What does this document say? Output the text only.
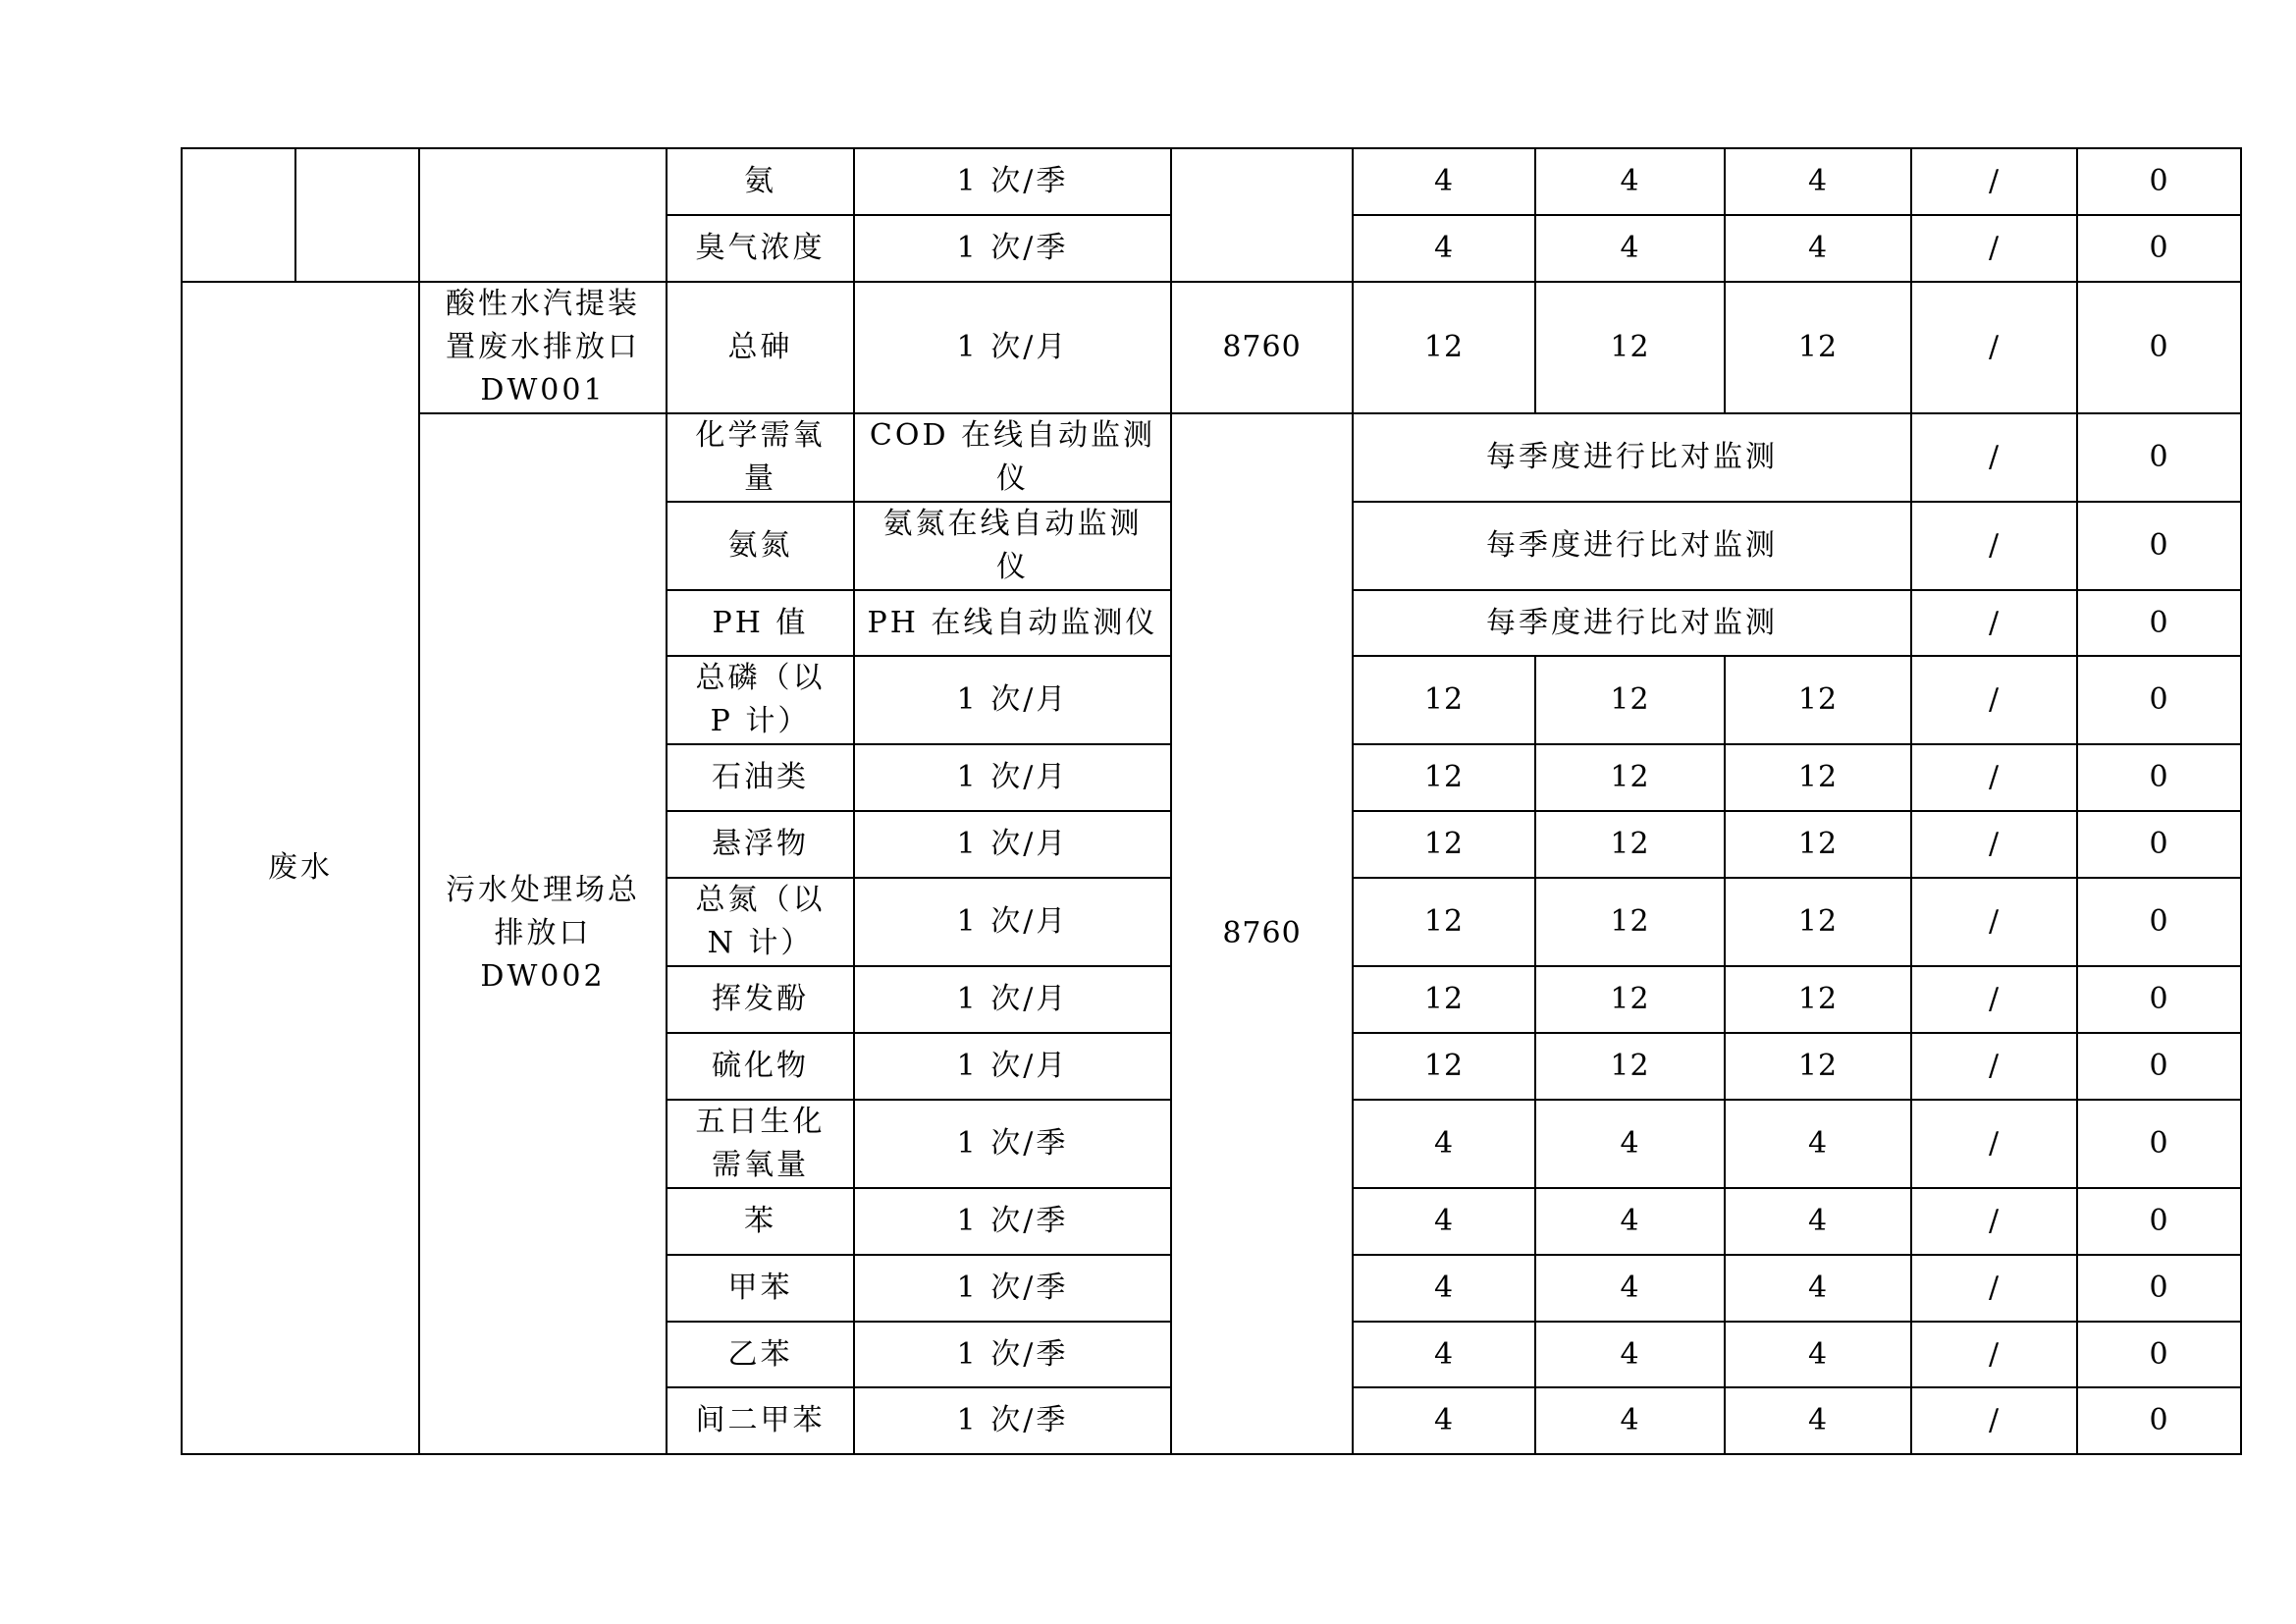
			氨	1 次/季		4	4	4	/	0
			臭气浓度	1 次/季		4	4	4	/	0
废水		酸性水汽提装置废水排放口DW001	总砷	1 次/月	8760	12	12	12	/	0
		污水处理场总排放口DW002	化学需氧量	COD 在线自动监测仪	8760	每季度进行比对监测			/	0
			氨氮	氨氮在线自动监测仪		每季度进行比对监测			/	0
			PH 值	PH 在线自动监测仪		每季度进行比对监测			/	0
			总磷（以 P 计）	1 次/月		12	12	12	/	0
			石油类	1 次/月		12	12	12	/	0
			悬浮物	1 次/月		12	12	12	/	0
			总氮（以 N 计）	1 次/月		12	12	12	/	0
			挥发酚	1 次/月		12	12	12	/	0
			硫化物	1 次/月		12	12	12	/	0
			五日生化需氧量	1 次/季		4	4	4	/	0
			苯	1 次/季		4	4	4	/	0
			甲苯	1 次/季		4	4	4	/	0
			乙苯	1 次/季		4	4	4	/	0
			间二甲苯	1 次/季		4	4	4	/	0
